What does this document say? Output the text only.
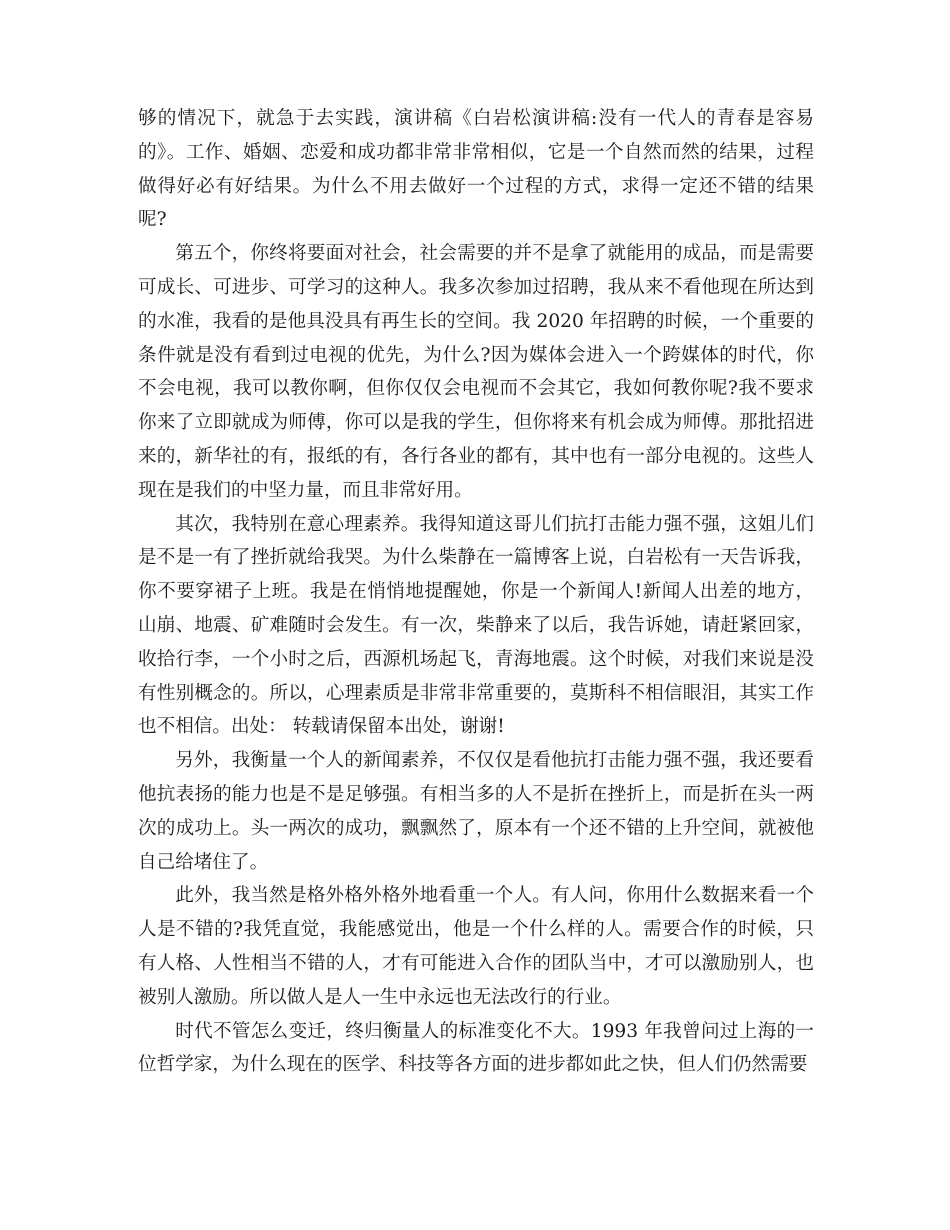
够的情况下，就急于去实践，演讲稿《白岩松演讲稿:没有一代人的青春是容易的》。工作、婚姻、恋爱和成功都非常非常相似，它是一个自然而然的结果，过程做得好必有好结果。为什么不用去做好一个过程的方式，求得一定还不错的结果呢?

第五个，你终将要面对社会，社会需要的并不是拿了就能用的成品，而是需要可成长、可进步、可学习的这种人。我多次参加过招聘，我从来不看他现在所达到的水准，我看的是他具没具有再生长的空间。我 2020 年招聘的时候，一个重要的条件就是没有看到过电视的优先，为什么?因为媒体会进入一个跨媒体的时代，你不会电视，我可以教你啊，但你仅仅会电视而不会其它，我如何教你呢?我不要求你来了立即就成为师傅，你可以是我的学生，但你将来有机会成为师傅。那批招进来的，新华社的有，报纸的有，各行各业的都有，其中也有一部分电视的。这些人现在是我们的中坚力量，而且非常好用。

其次，我特别在意心理素养。我得知道这哥儿们抗打击能力强不强，这姐儿们是不是一有了挫折就给我哭。为什么柴静在一篇博客上说，白岩松有一天告诉我，你不要穿裙子上班。我是在悄悄地提醒她，你是一个新闻人!新闻人出差的地方，山崩、地震、矿难随时会发生。有一次，柴静来了以后，我告诉她，请赶紧回家，收拾行李，一个小时之后，西源机场起飞，青海地震。这个时候，对我们来说是没有性别概念的。所以，心理素质是非常非常重要的，莫斯科不相信眼泪，其实工作也不相信。出处： 转载请保留本出处，谢谢!

另外，我衡量一个人的新闻素养，不仅仅是看他抗打击能力强不强，我还要看他抗表扬的能力也是不是足够强。有相当多的人不是折在挫折上，而是折在头一两次的成功上。头一两次的成功，飘飘然了，原本有一个还不错的上升空间，就被他自己给堵住了。

此外，我当然是格外格外格外地看重一个人。有人问，你用什么数据来看一个人是不错的?我凭直觉，我能感觉出，他是一个什么样的人。需要合作的时候，只有人格、人性相当不错的人，才有可能进入合作的团队当中，才可以激励别人，也被别人激励。所以做人是人一生中永远也无法改行的行业。

时代不管怎么变迁，终归衡量人的标准变化不大。1993 年我曾问过上海的一位哲学家，为什么现在的医学、科技等各方面的进步都如此之快，但人们仍然需要
